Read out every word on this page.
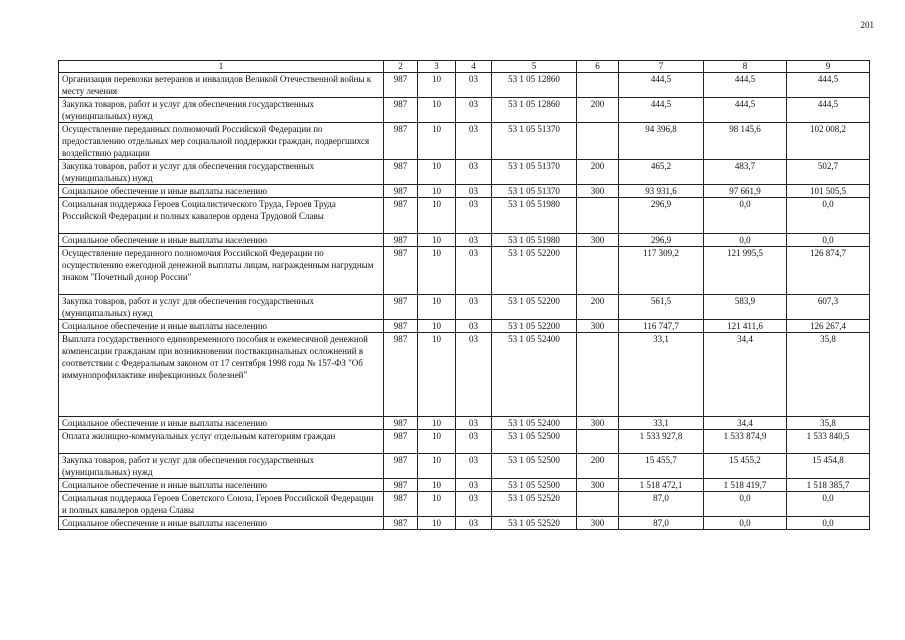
201
1	2	3	4	5	6	7	8	9
Организация перевозки ветеранов и инвалидов Великой Отечественной войны к месту лечения	987	10	03	53 1 05 12860		444,5	444,5	444,5
Закупка товаров, работ и услуг для обеспечения государственных (муниципальных) нужд	987	10	03	53 1 05 12860	200	444,5	444,5	444,5
Осуществление переданных полномочий Российской Федерации по предоставлению отдельных мер социальной поддержки граждан, подвергшихся воздействию радиации	987	10	03	53 1 05 51370		94 396,8	98 145,6	102 008,2
Закупка товаров, работ и услуг для обеспечения государственных (муниципальных) нужд	987	10	03	53 1 05 51370	200	465,2	483,7	502,7
Социальное обеспечение и иные выплаты населению	987	10	03	53 1 05 51370	300	93 931,6	97 661,9	101 505,5
Социальная поддержка Героев Социалистического Труда, Героев Труда Российской Федерации и полных кавалеров ордена Трудовой Славы	987	10	03	53 1 05 51980		296,9	0,0	0,0
Социальное обеспечение и иные выплаты населению	987	10	03	53 1 05 51980	300	296,9	0,0	0,0
Осуществление переданного полномочия Российской Федерации по осуществлению ежегодной денежной выплаты лицам, награжденным нагрудным знаком "Почетный донор России"	987	10	03	53 1 05 52200		117 309,2	121 995,5	126 874,7
Закупка товаров, работ и услуг для обеспечения государственных (муниципальных) нужд	987	10	03	53 1 05 52200	200	561,5	583,9	607,3
Социальное обеспечение и иные выплаты населению	987	10	03	53 1 05 52200	300	116 747,7	121 411,6	126 267,4
Выплата государственного единовременного пособия и ежемесячной денежной компенсации гражданам при возникновении поствакцинальных осложнений в соответствии с Федеральным законом от 17 сентября 1998 года № 157-ФЗ "Об иммунопрофилактике инфекционных болезней"	987	10	03	53 1 05 52400		33,1	34,4	35,8
Социальное обеспечение и иные выплаты населению	987	10	03	53 1 05 52400	300	33,1	34,4	35,8
Оплата жилищно-коммунальных услуг отдельным категориям граждан	987	10	03	53 1 05 52500		1 533 927,8	1 533 874,9	1 533 840,5
Закупка товаров, работ и услуг для обеспечения государственных (муниципальных) нужд	987	10	03	53 1 05 52500	200	15 455,7	15 455,2	15 454,8
Социальное обеспечение и иные выплаты населению	987	10	03	53 1 05 52500	300	1 518 472,1	1 518 419,7	1 518 385,7
Социальная поддержка Героев Советского Союза, Героев Российской Федерации и полных кавалеров ордена Славы	987	10	03	53 1 05 52520		87,0	0,0	0,0
Социальное обеспечение и иные выплаты населению	987	10	03	53 1 05 52520	300	87,0	0,0	0,0
